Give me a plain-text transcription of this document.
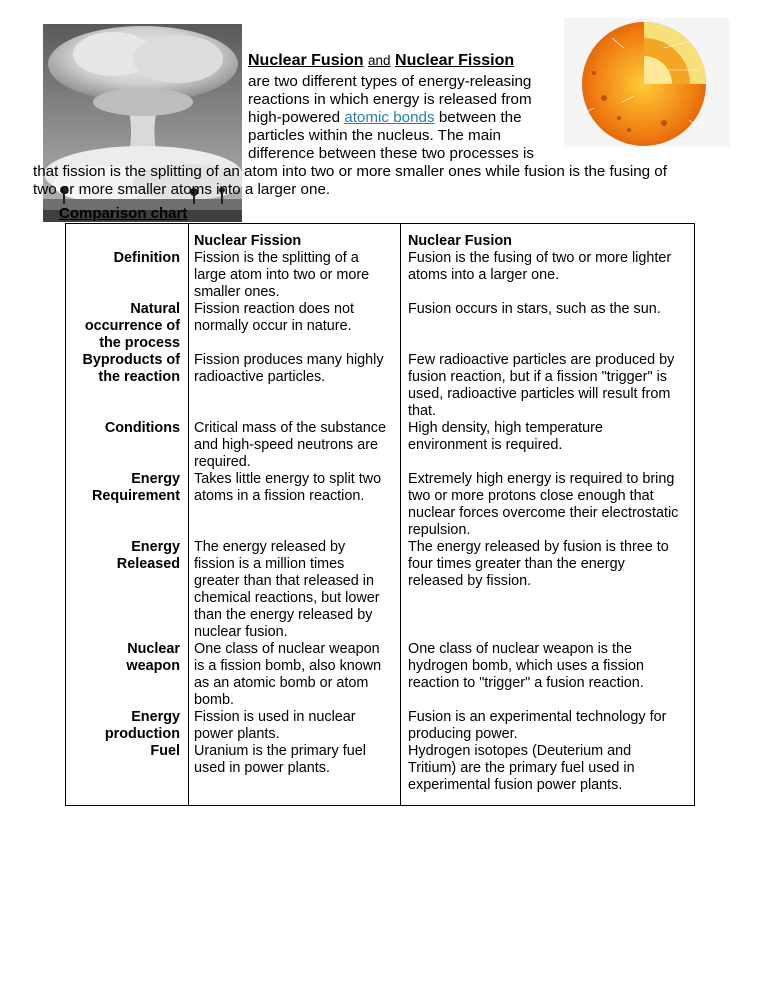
Nuclear Fusion and Nuclear Fission
are two different types of energy-releasing
reactions in which energy is released from
high-powered atomic bonds between the
particles within the nucleus. The main
difference between these two processes is
that fission is the splitting of an atom into two or more smaller ones while fusion is the fusing of
two or more smaller atoms into a larger one.
Comparison chart
Nuclear Fission	Nuclear Fusion
Definition Fission is the splitting of a
large atom into two or more
smaller ones.
Fusion is the fusing of two or more lighter
atoms into a larger one.
Natural
occurrence of
the process
Fission reaction does not
normally occur in nature.
Fusion occurs in stars, such as the sun.
Byproducts of
the reaction
Fission produces many highly
radioactive particles.
Few radioactive particles are produced by
fusion reaction, but if a fission "trigger" is
used, radioactive particles will result from
that.
Conditions Critical mass of the substance
and high-speed neutrons are
required.
High density, high temperature
environment is required.
Energy
Requirement
Takes little energy to split two
atoms in a fission reaction.
Extremely high energy is required to bring
two or more protons close enough that
nuclear forces overcome their electrostatic
repulsion.
Energy
Released
The energy released by
fission is a million times
greater than that released in
chemical reactions, but lower
than the energy released by
nuclear fusion.
The energy released by fusion is three to
four times greater than the energy
released by fission.
Nuclear
weapon
One class of nuclear weapon
is a fission bomb, also known
as an atomic bomb or atom
bomb.
One class of nuclear weapon is the
hydrogen bomb, which uses a fission
reaction to "trigger" a fusion reaction.
Energy
production
Fission is used in nuclear
power plants.
Fusion is an experimental technology for
producing power.
Fuel Uranium is the primary fuel
used in power plants.
Hydrogen isotopes (Deuterium and
Tritium) are the primary fuel used in
experimental fusion power plants.
